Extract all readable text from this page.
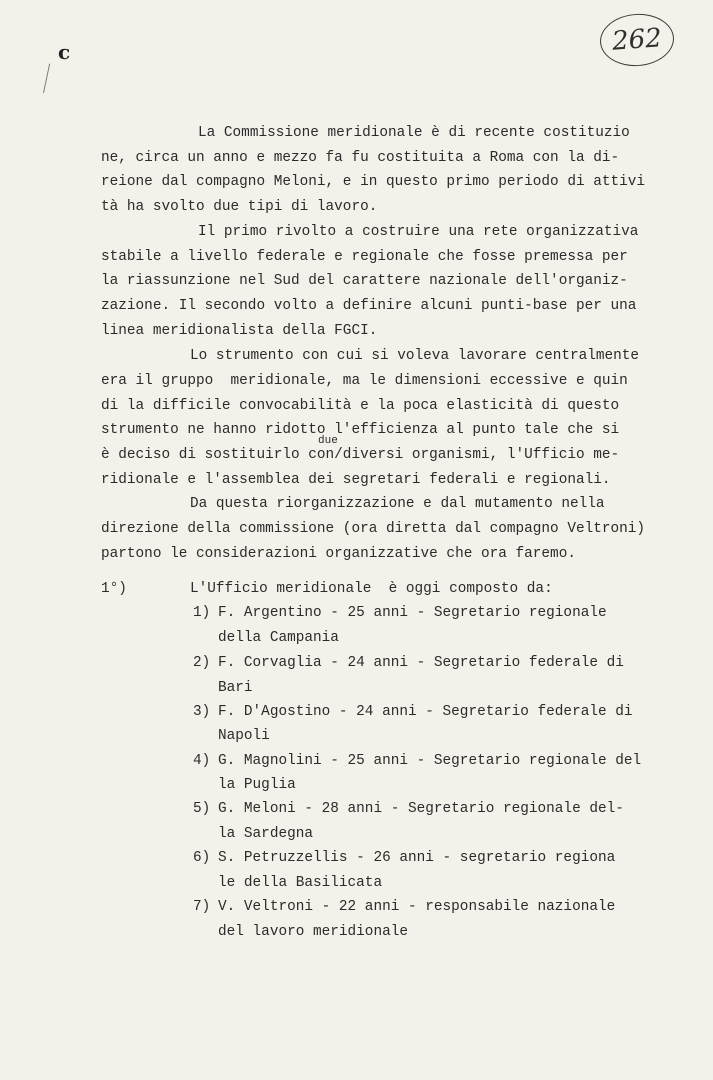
c	262

La Commissione meridionale è di recente costituzio

ne, circa un anno e mezzo fa fu costituita a Roma con la di-

reione dal compagno Meloni, e in questo primo periodo di attivi

tà ha svolto due tipi di lavoro.

Il primo rivolto a costruire una rete organizzativa

stabile a livello federale e regionale che fosse premessa per

la riassunzione nel Sud del carattere nazionale dell'organiz-

zazione. Il secondo volto a definire alcuni punti-base per una

linea meridionalista della FGCI.

Lo strumento con cui si voleva lavorare centralmente

era il gruppo  meridionale, ma le dimensioni eccessive e quin

di la difficile convocabilità e la poca elasticità di questo

strumento ne hanno ridotto l'efficienza al punto tale che si

due

è deciso di sostituirlo con/diversi organismi, l'Ufficio me-

ridionale e l'assemblea dei segretari federali e regionali.

Da questa riorganizzazione e dal mutamento nella

direzione della commissione (ora diretta dal compagno Veltroni)

partono le considerazioni organizzative che ora faremo.

1°)	L'Ufficio meridionale  è oggi composto da:

1) F. Argentino - 25 anni - Segretario regionale

della Campania

2) F. Corvaglia - 24 anni - Segretario federale di

Bari

3) F. D'Agostino - 24 anni - Segretario federale di

Napoli

4) G. Magnolini - 25 anni - Segretario regionale del

la Puglia

5) G. Meloni - 28 anni - Segretario regionale del-

la Sardegna

6) S. Petruzzellis - 26 anni - segretario regiona

le della Basilicata

7) V. Veltroni - 22 anni - responsabile nazionale

del lavoro meridionale
